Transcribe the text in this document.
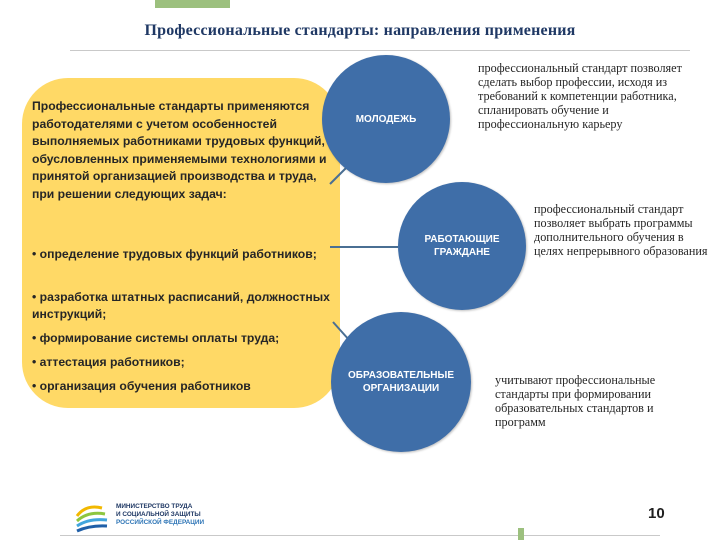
Профессиональные стандарты: направления применения
Профессиональные стандарты применяются работодателями с учетом особенностей выполняемых работниками трудовых функций, обусловленных применяемыми технологиями и принятой организацией производства и труда, при решении следующих задач:
• определение трудовых функций работников;
• разработка штатных расписаний, должностных инструкций;
• формирование системы оплаты труда;
• аттестация работников;
• организация обучения работников
МОЛОДЕЖЬ
РАБОТАЮЩИЕ ГРАЖДАНЕ
ОБРАЗОВАТЕЛЬНЫЕ ОРГАНИЗАЦИИ
профессиональный стандарт позволяет сделать выбор профессии, исходя из требований к компетенции работника, спланировать обучение и профессиональную карьеру
профессиональный стандарт позволяет выбрать программы дополнительного обучения в целях непрерывного образования
учитывают профессиональные стандарты при формировании образовательных стандартов и программ
МИНИСТЕРСТВО ТРУДА
И СОЦИАЛЬНОЙ ЗАЩИТЫ
РОССИЙСКОЙ ФЕДЕРАЦИИ
10
